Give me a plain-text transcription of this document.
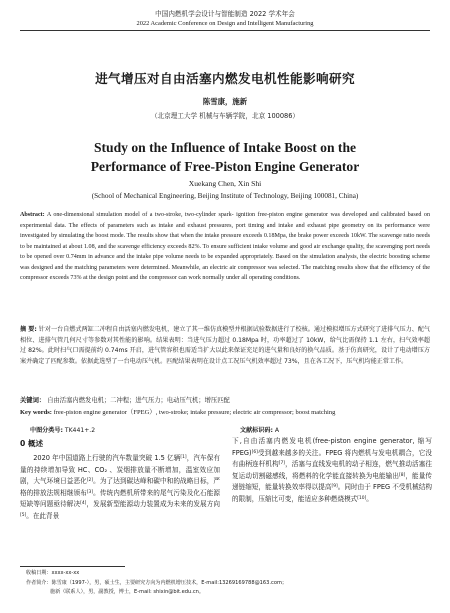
中国内燃机学会设计与智能制造 2022 学术年会
2022 Academic Conference on Design and Intelligent Manufacturing
进气增压对自由活塞内燃发电机性能影响研究
陈雪康，施新
（北京理工大学 机械与车辆学院，北京 100086）
Study on the Influence of Intake Boost on the Performance of Free-Piston Engine Generator
Xuekang Chen, Xin Shi
(School of Mechanical Engineering, Beijing Institute of Technology, Beijing 100081, China)
Abstract: A one-dimensional simulation model of a two-stroke, two-cylinder spark- ignition free-piston engine generator was developed and calibrated based on experimental data. The effects of parameters such as intake and exhaust pressures, port timing and intake and exhaust pipe geometry on its performance were investigated by simulating the boost mode. The results show that when the intake pressure exceeds 0.18Mpa, the brake power exceeds 10kW. The scavenge ratio needs to be maintained at about 1.08, and the scavenge efficiency exceeds 82%. To ensure sufficient intake volume and good air exchange quality, the scavenging port needs to be opened over 0.74mm in advance and the intake pipe volume needs to be expanded appropriately. Based on the simulation analysis, the electric boosting scheme was designed and the matching parameters were determined. Meanwhile, an electric air compressor was selected. The matching results show that the efficiency of the compressor exceeds 73% at the design point and the compressor can work normally under all operating conditions.
摘 要: 针对一台自燃式两缸二冲程自由活塞内燃发电机，建立了其一维仿真模型并根据试验数据进行了校核。通过模拟增压方式研究了进排气压力、配气相位、进排气管几何尺寸等参数对其性能的影响。结果表明：当进气压力超过 0.18Mpa 时，功率超过了 10kW，给气比需保持 1.1 左右，扫气效率超过 82%。此时扫气口需提前约 0.74ms 开启，进气管容积也需适当扩大以此来保证充足的进气量和良好的换气品质。基于仿真研究，设计了电动增压方案并确定了匹配参数。依据此选型了一台电动压气机。匹配结果表明在设计点工况压气机效率超过 73%，且在各工况下，压气机均能正常工作。
关键词： 自由活塞内燃发电机；二冲程；进气压力；电动压气机；增压匹配
Key words: free-piston engine generator（FPEG）, two-stroke; intake pressure; electric air compressor; boost matching
中图分类号: TK441+.2	文献标识码: A
0 概述
2020 年中国道路上行驶的汽车数量突破 1.5 亿辆[1]，汽车保有量的持续增加导致 HC、CO₂ 、炭烟排放量不断增加，温室效应加剧，大气环境日益恶化[2]。为了达到碳达峰和碳中和的战略目标，严格的排放法规相继颁布[3]。传统内燃机所带来的尾气污染及化石能源短缺等问题亟待解决[4]，发展新型能源动力装置成为未来的发展方向[5]。在此背景
下,自由活塞内燃发电机(free-piston engine generator, 缩写 FPEG)[6]受到越来越多的关注。FPEG 将内燃机与发电机耦合，它没有曲柄连杆机构[7]，活塞与直线发电机的动子相连，燃气推动活塞往复运动切割磁感线，将燃料的化学能直接转换为电能输出[8]，能量传递链缩短，能量转换效率得以提高[9]。同时由于 FPEG 不受机械结构的限制，压缩比可变，能适应多种燃烧模式[10]。
收稿日期：xxxx-xx-xx
作者简介：陈雪康（1997-），男，硕士生，主要研究方向为内燃机增压技术，E-mail:13269169788@163.com；
施新（联系人），男，副教授，博士，E-mail: shixin@bit.edu.cn。
